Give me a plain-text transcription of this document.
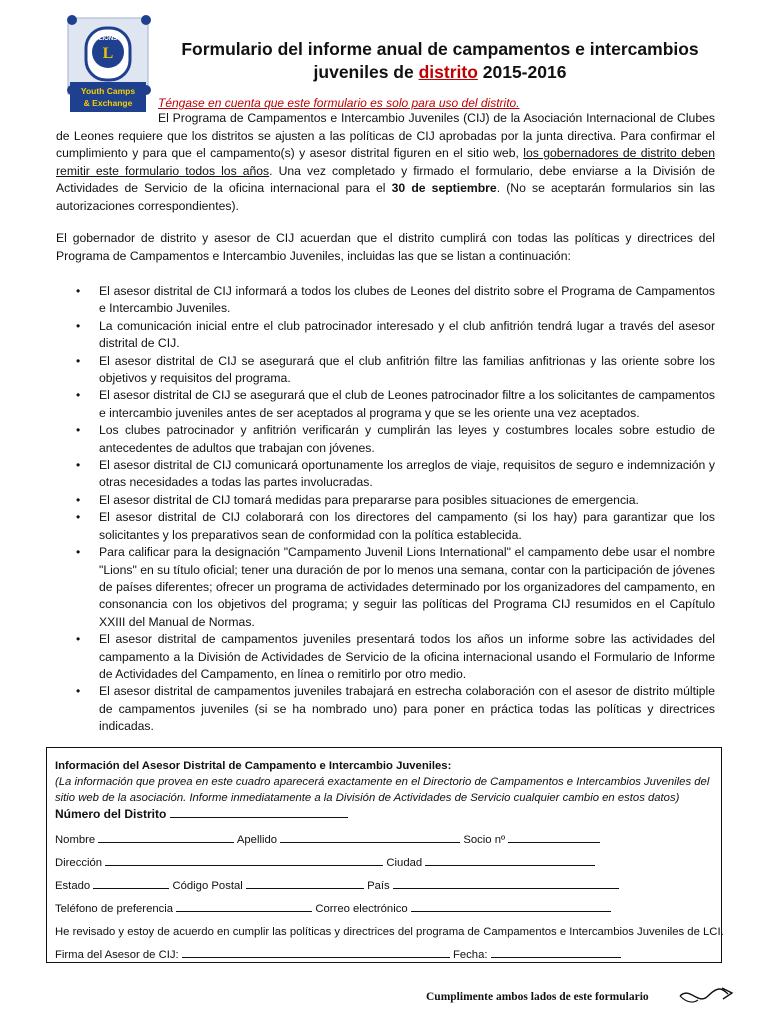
LIONS
L
Youth Camps
& Exchange
Formulario del informe anual de campamentos e intercambios
juveniles de distrito 2015-2016
Téngase en cuenta que este formulario es solo para uso del distrito.
El Programa de Campamentos e Intercambio Juveniles (CIJ) de la Asociación Internacional de Clubes de Leones requiere que los distritos se ajusten a las políticas de CIJ aprobadas por la junta directiva. Para confirmar el cumplimiento y para que el campamento(s) y asesor distrital figuren en el sitio web, los gobernadores de distrito deben remitir este formulario todos los años. Una vez completado y firmado el formulario, debe enviarse a la División de Actividades de Servicio de la oficina internacional para el 30 de septiembre. (No se aceptarán formularios sin las autorizaciones correspondientes).
El gobernador de distrito y asesor de CIJ acuerdan que el distrito cumplirá con todas las políticas y directrices del Programa de Campamentos e Intercambio Juveniles, incluidas las que se listan a continuación:
• El asesor distrital de CIJ informará a todos los clubes de Leones del distrito sobre el Programa de Campamentos e Intercambio Juveniles.
• La comunicación inicial entre el club patrocinador interesado y el club anfitrión tendrá lugar a través del asesor distrital de CIJ.
• El asesor distrital de CIJ se asegurará que el club anfitrión filtre las familias anfitrionas y las oriente sobre los objetivos y requisitos del programa.
• El asesor distrital de CIJ se asegurará que el club de Leones patrocinador filtre a los solicitantes de campamentos e intercambio juveniles antes de ser aceptados al programa y que se les oriente una vez aceptados.
• Los clubes patrocinador y anfitrión verificarán y cumplirán las leyes y costumbres locales sobre estudio de antecedentes de adultos que trabajan con jóvenes.
• El asesor distrital de CIJ comunicará oportunamente los arreglos de viaje, requisitos de seguro e indemnización y otras necesidades a todas las partes involucradas.
• El asesor distrital de CIJ tomará medidas para prepararse para posibles situaciones de emergencia.
• El asesor distrital de CIJ colaborará con los directores del campamento (si los hay) para garantizar que los solicitantes y los preparativos sean de conformidad con la política establecida.
• Para calificar para la designación "Campamento Juvenil Lions International" el campamento debe usar el nombre "Lions" en su título oficial; tener una duración de por lo menos una semana, contar con la participación de jóvenes de países diferentes; ofrecer un programa de actividades determinado por los organizadores del campamento, en consonancia con los objetivos del programa; y seguir las políticas del Programa CIJ resumidos en el Capítulo XXIII del Manual de Normas.
• El asesor distrital de campamentos juveniles presentará todos los años un informe sobre las actividades del campamento a la División de Actividades de Servicio de la oficina internacional usando el Formulario de Informe de Actividades del Campamento, en línea o remitirlo por otro medio.
• El asesor distrital de campamentos juveniles trabajará en estrecha colaboración con el asesor de distrito múltiple de campamentos juveniles (si se ha nombrado uno) para poner en práctica todas las políticas y directrices indicadas.
Información del Asesor Distrital de Campamento e Intercambio Juveniles:
(La información que provea en este cuadro aparecerá exactamente en el Directorio de Campamentos e Intercambios Juveniles del sitio web de la asociación. Informe inmediatamente a la División de Actividades de Servicio cualquier cambio en estos datos)
Número del Distrito
Nombre	Apellido	Socio nº
Dirección	Ciudad
Estado	Código Postal	País
Teléfono de preferencia	Correo electrónico
He revisado y estoy de acuerdo en cumplir las políticas y directrices del programa de Campamentos e Intercambios Juveniles de LCI.
Firma del Asesor de CIJ:	Fecha:
Cumplimente ambos lados de este formulario
